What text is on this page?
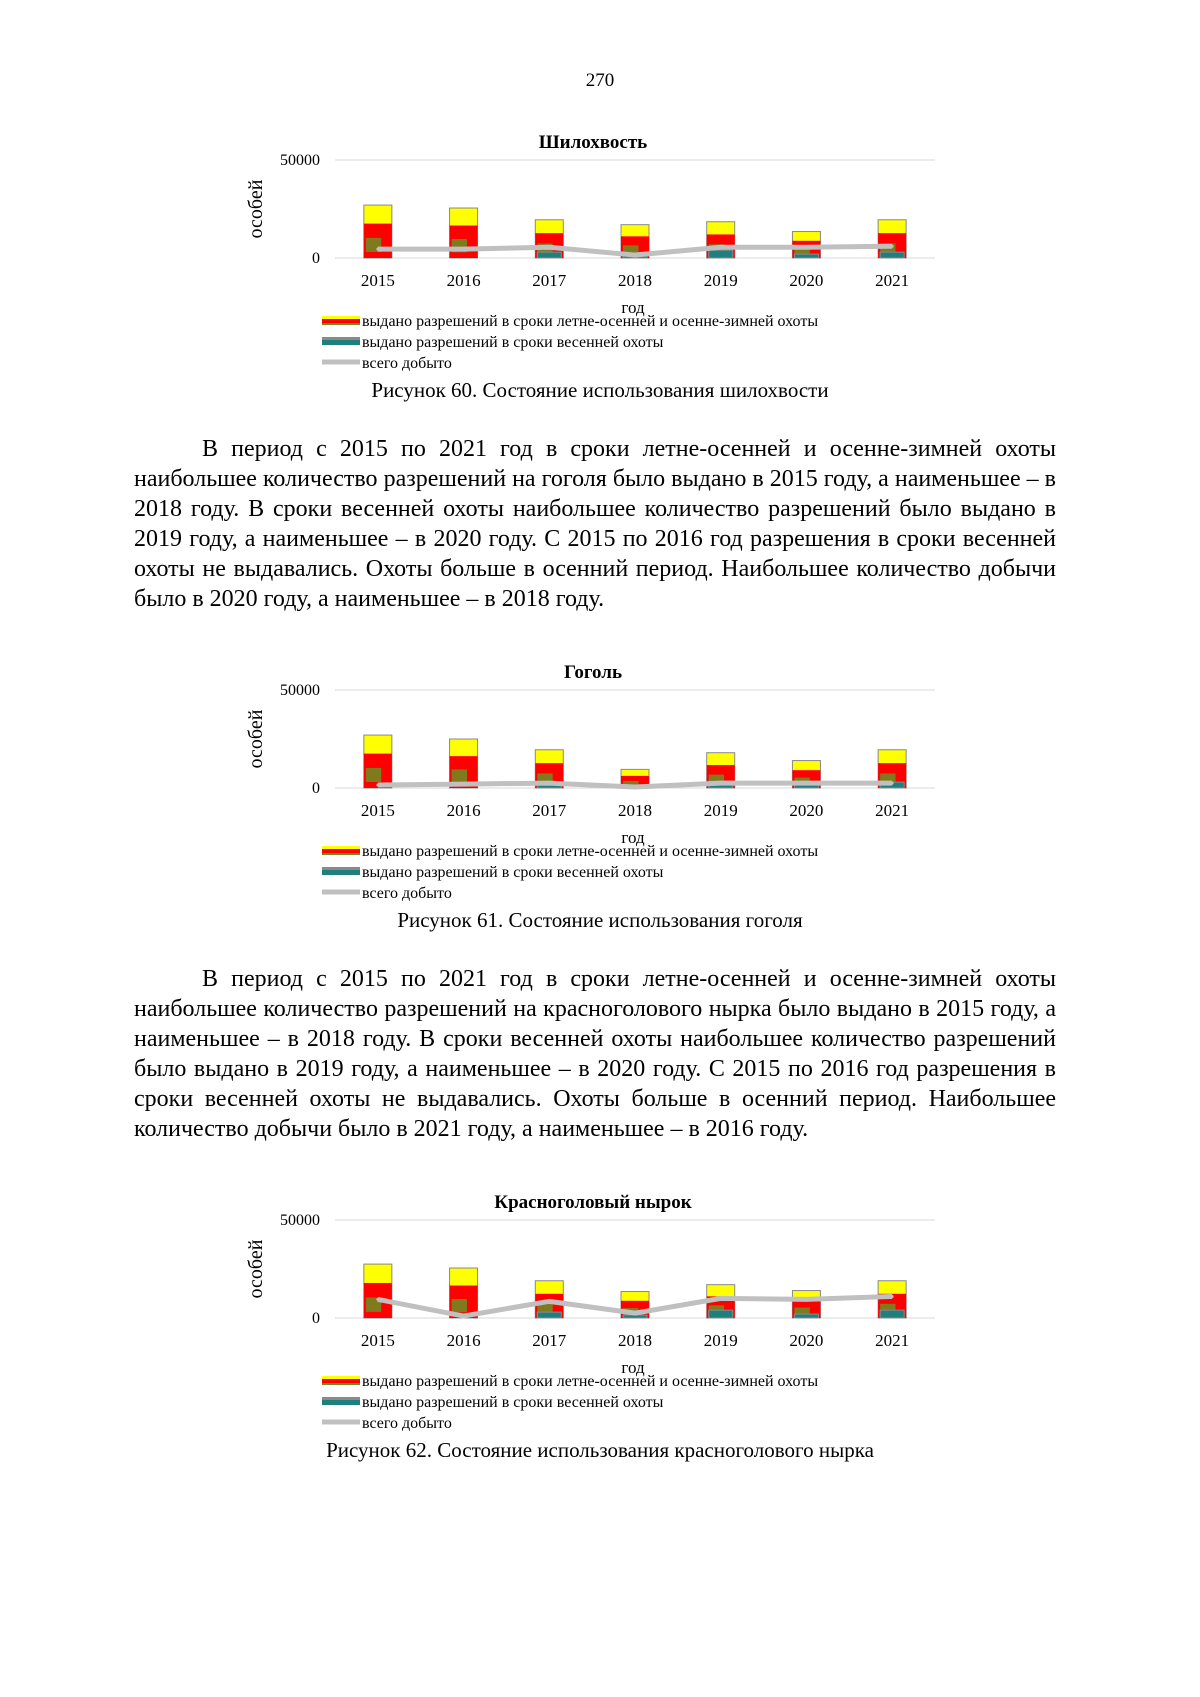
270
Шилохвость
особей
50000
0
2015	2016	2017	2018	2019	2020	2021
год
выдано разрешений в сроки летне-осенней и осенне-зимней охоты
выдано разрешений в сроки весенней охоты
всего добыто
Рисунок 60. Состояние использования шилохвости

В период с 2015 по 2021 год в сроки летне-осенней и осенне-зимней охоты наибольшее количество разрешений на гоголя было выдано в 2015 году, а наименьшее – в 2018 году. В сроки весенней охоты наибольшее количество разрешений было выдано в 2019 году, а наименьшее – в 2020 году. С 2015 по 2016 год разрешения в сроки весенней охоты не выдавались. Охоты больше в осенний период. Наибольшее количество добычи было в 2020 году, а наименьшее – в 2018 году.

Гоголь
особей
50000
0
2015	2016	2017	2018	2019	2020	2021
год
выдано разрешений в сроки летне-осенней и осенне-зимней охоты
выдано разрешений в сроки весенней охоты
всего добыто
Рисунок 61. Состояние использования гоголя

В период с 2015 по 2021 год в сроки летне-осенней и осенне-зимней охоты наибольшее количество разрешений на красноголового нырка было выдано в 2015 году, а наименьшее – в 2018 году. В сроки весенней охоты наибольшее количество разрешений было выдано в 2019 году, а наименьшее – в 2020 году. С 2015 по 2016 год разрешения в сроки весенней охоты не выдавались. Охоты больше в осенний период. Наибольшее количество добычи было в 2021 году, а наименьшее – в 2016 году.

Красноголовый нырок
особей
50000
0
2015	2016	2017	2018	2019	2020	2021
год
выдано разрешений в сроки летне-осенней и осенне-зимней охоты
выдано разрешений в сроки весенней охоты
всего добыто
Рисунок 62. Состояние использования красноголового нырка
